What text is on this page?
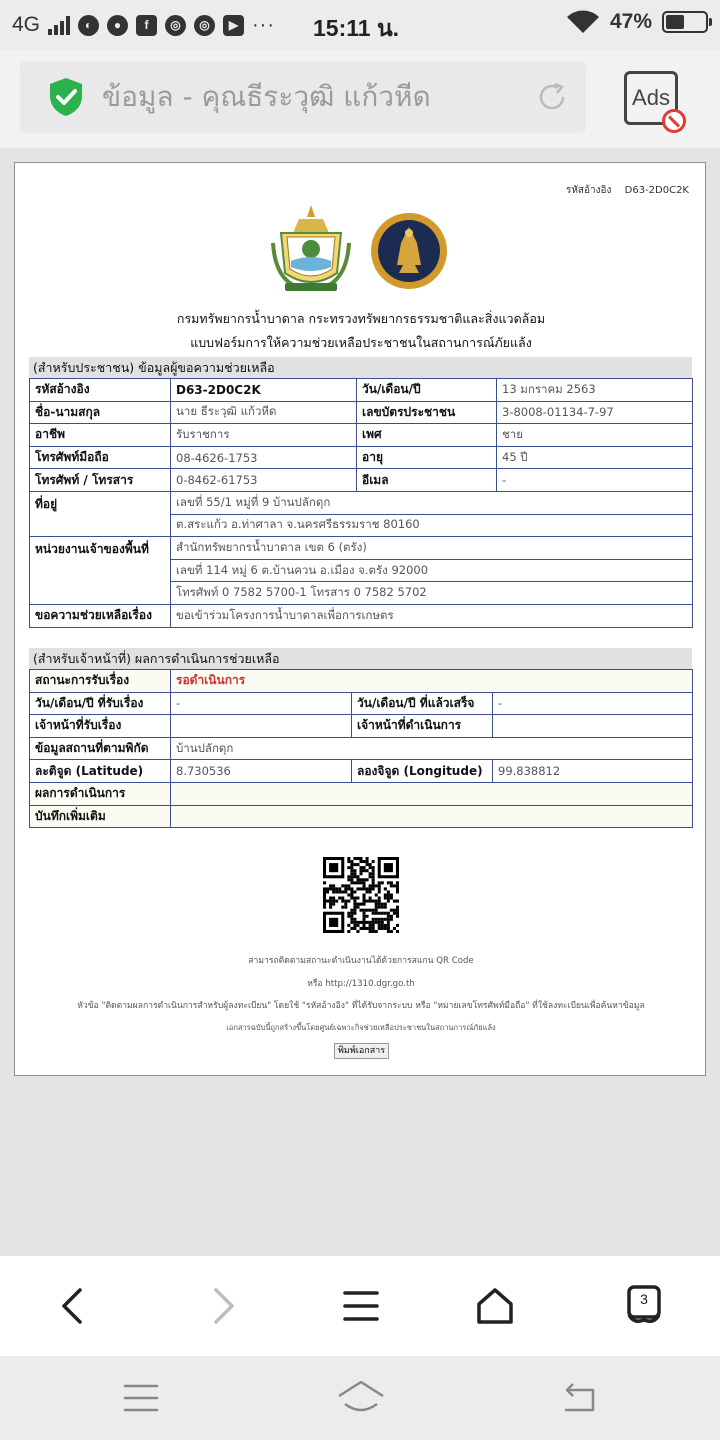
4G	◐	●	f	◎	◎	▶ ··· 15:11 น.	47%
ข้อมูล - คุณธีระวุฒิ แก้วหีด	Ads
รหัสอ้างอิง D63-2D0C2K
กรมทรัพยากรน้ำบาดาล กระทรวงทรัพยากรธรรมชาติและสิ่งแวดล้อม
แบบฟอร์มการให้ความช่วยเหลือประชาชนในสถานการณ์ภัยแล้ง
(สำหรับประชาชน) ข้อมูลผู้ขอความช่วยเหลือ
รหัสอ้างอิง	D63-2D0C2K	วัน/เดือน/ปี	13 มกราคม 2563
ชื่อ-นามสกุล	นาย ธีระวุฒิ แก้วหีด	เลขบัตรประชาชน	3-8008-01134-7-97
อาชีพ	รับราชการ	เพศ	ชาย
โทรศัพท์มือถือ	08-4626-1753	อายุ	45 ปี
โทรศัพท์ / โทรสาร	0-8462-61753	อีเมล	-
ที่อยู่	เลขที่ 55/1 หมู่ที่ 9 บ้านปลักดุก		
	ต.สระแก้ว อ.ท่าศาลา จ.นครศรีธรรมราช 80160		
หน่วยงานเจ้าของพื้นที่	สำนักทรัพยากรน้ำบาดาล เขต 6 (ตรัง)		
	เลขที่ 114 หมู่ 6 ต.บ้านควน อ.เมือง จ.ตรัง 92000		
	โทรศัพท์ 0 7582 5700-1 โทรสาร 0 7582 5702		
ขอความช่วยเหลือเรื่อง	ขอเข้าร่วมโครงการน้ำบาดาลเพื่อการเกษตร		
(สำหรับเจ้าหน้าที่) ผลการดำเนินการช่วยเหลือ
สถานะการรับเรื่อง	รอดำเนินการ		
วัน/เดือน/ปี ที่รับเรื่อง	-	วัน/เดือน/ปี ที่แล้วเสร็จ	-
เจ้าหน้าที่รับเรื่อง		เจ้าหน้าที่ดำเนินการ	
ข้อมูลสถานที่ตามพิกัด	บ้านปลักดุก		
ละติจูด (Latitude)	8.730536	ลองจิจูด (Longitude)	99.838812
ผลการดำเนินการ			
บันทึกเพิ่มเติม			
สามารถติดตามสถานะดำเนินงานได้ด้วยการสแกน QR Code
หรือ http://1310.dgr.go.th
หัวข้อ "ติดตามผลการดำเนินการสำหรับผู้ลงทะเบียน" โดยใช้ "รหัสอ้างอิง" ที่ได้รับจากระบบ หรือ "หมายเลขโทรศัพท์มือถือ" ที่ใช้ลงทะเบียนเพื่อค้นหาข้อมูล
เอกสารฉบับนี้ถูกสร้างขึ้นโดยศูนย์เฉพาะกิจช่วยเหลือประชาชนในสถานการณ์ภัยแล้ง
พิมพ์เอกสาร
3
